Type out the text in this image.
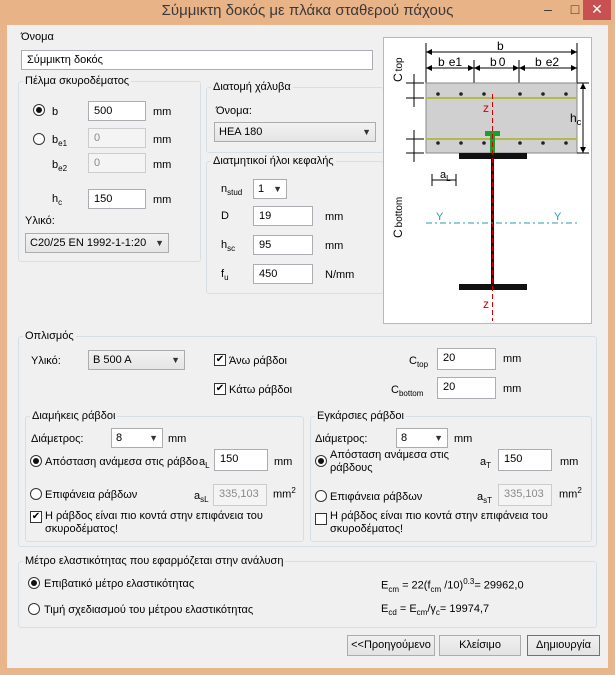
Σύμμικτη δοκός με πλάκα σταθερού πάχους	–	□ ✕
Όνομα
Σύμμικτη δοκός
Πέλμα σκυροδέματος
b	500	mm
$b_{e1}$	0	mm
$b_{e2}$	0	mm
$h_c$	150	mm
Υλικό:
C20/25 EN 1992-1-1:20 ▼
Διατομή χάλυβα
Όνομα:
HEA 180	▼
Διατμητικοί ήλοι κεφαλής
$n_{stud}$	1 ▼
D	19	mm
$h_{sc}$	95	mm
$f_u$	450	N/mm
b
b e1 b 0 b e2
Ctop
Cbottom
$h_c$
z
z
$a_L$
Y	Y
Οπλισμός
Υλικό:	B 500 A	▼	✔ Άνω ράβδοι
✔ Κάτω ράβδοι
$C_{top}$
20	mm
$C_{bottom}$
20	mm
Διαμήκεις ράβδοι
Διάμετρος:	8	▼ mm
Απόσταση ανάμεσα στις ράβδο $a_L$
150	mm
Επιφάνεια ράβδων	$a_{sL}$ 335,103	$mm^2$
✔ Η ράβδος είναι πιο κοντά στην επιφάνεια του σκυροδέματος!
Εγκάρσιες ράβδοι
Διάμετρος:	8	▼ mm
Απόσταση ανάμεσα στις
ράβδους	$a_T$
150	mm
Επιφάνεια ράβδων	$a_{sT}$
335,103	$mm^2$
Η ράβδος είναι πιο κοντά στην επιφάνεια του σκυροδέματος!
Μέτρο ελαστικότητας που εφαρμόζεται στην ανάλυση
Επιβατικό μέτρο ελαστικότητας	$E_{cm} = 22(f_{cm}$ /10)$^{0.3}$= 29962,0
Τιμή σχεδιασμού του μέτρου ελαστικότητας	$E_{cd} = E_{cm}/\gamma_c= 19974,7$
<<Προηγούμενο	Κλείσιμο	Δημιουργία
